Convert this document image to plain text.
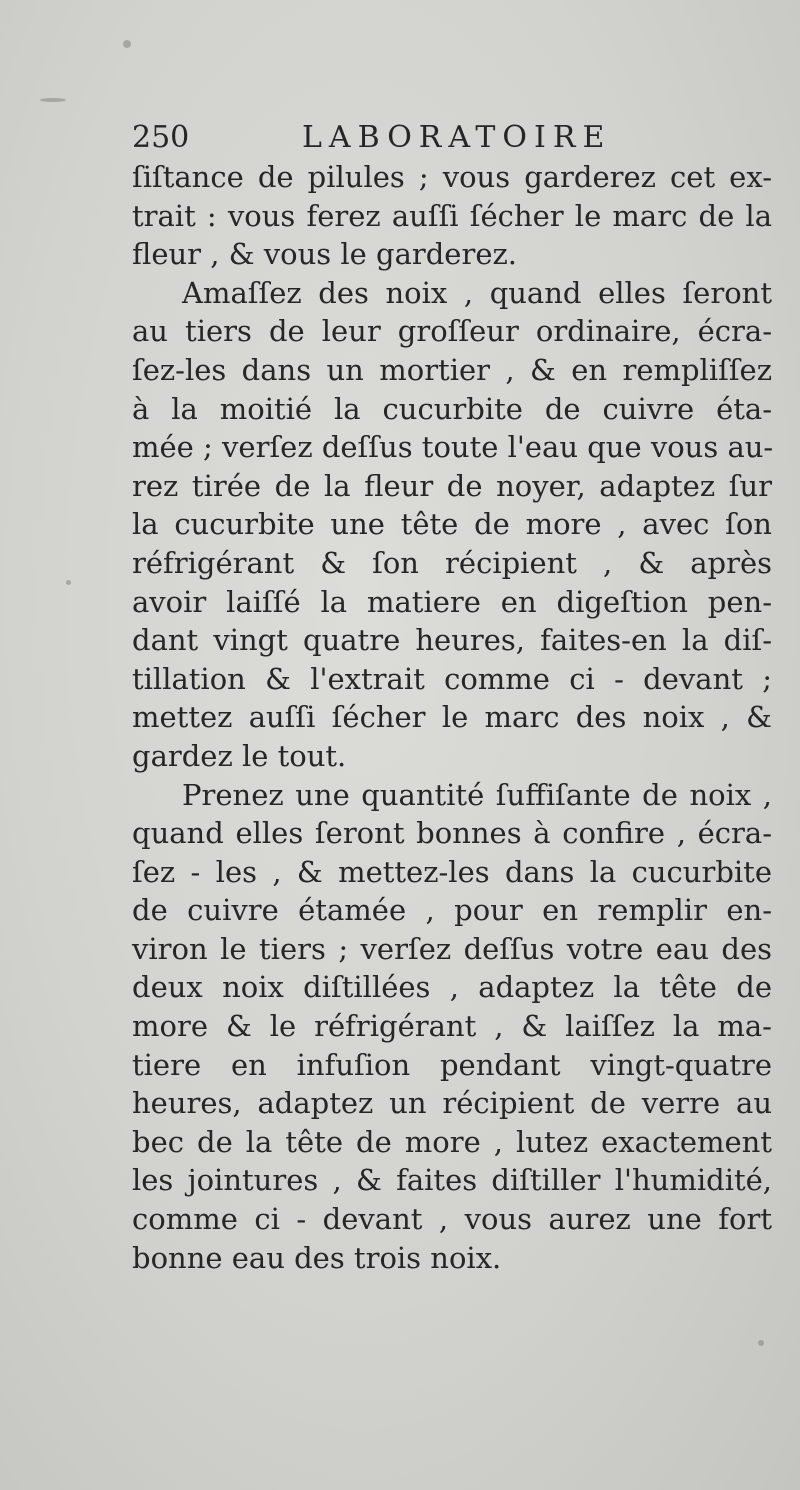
250	LABORATOIRE
ſiſtance de pilules ; vous garderez cet ex-
trait : vous ferez auſſi ſécher le marc de la
fleur , & vous le garderez.
Amaſſez des noix , quand elles ſeront
au tiers de leur groſſeur ordinaire, écra-
ſez-les dans un mortier , & en rempliſſez
à la moitié la cucurbite de cuivre éta-
mée ; verſez deſſus toute l'eau que vous au-
rez tirée de la fleur de noyer, adaptez ſur
la cucurbite une tête de more , avec ſon
réfrigérant & ſon récipient , & après
avoir laiſſé la matiere en digeſtion pen-
dant vingt quatre heures, faites-en la diſ-
tillation & l'extrait comme ci - devant ;
mettez auſſi ſécher le marc des noix , &
gardez le tout.
Prenez une quantité ſuffiſante de noix ,
quand elles ſeront bonnes à confire , écra-
ſez - les , & mettez-les dans la cucurbite
de cuivre étamée , pour en remplir en-
viron le tiers ; verſez deſſus votre eau des
deux noix diſtillées , adaptez la tête de
more & le réfrigérant , & laiſſez la ma-
tiere en infuſion pendant vingt-quatre
heures, adaptez un récipient de verre au
bec de la tête de more , lutez exactement
les jointures , & faites diſtiller l'humidité,
comme ci - devant , vous aurez une fort
bonne eau des trois noix.
